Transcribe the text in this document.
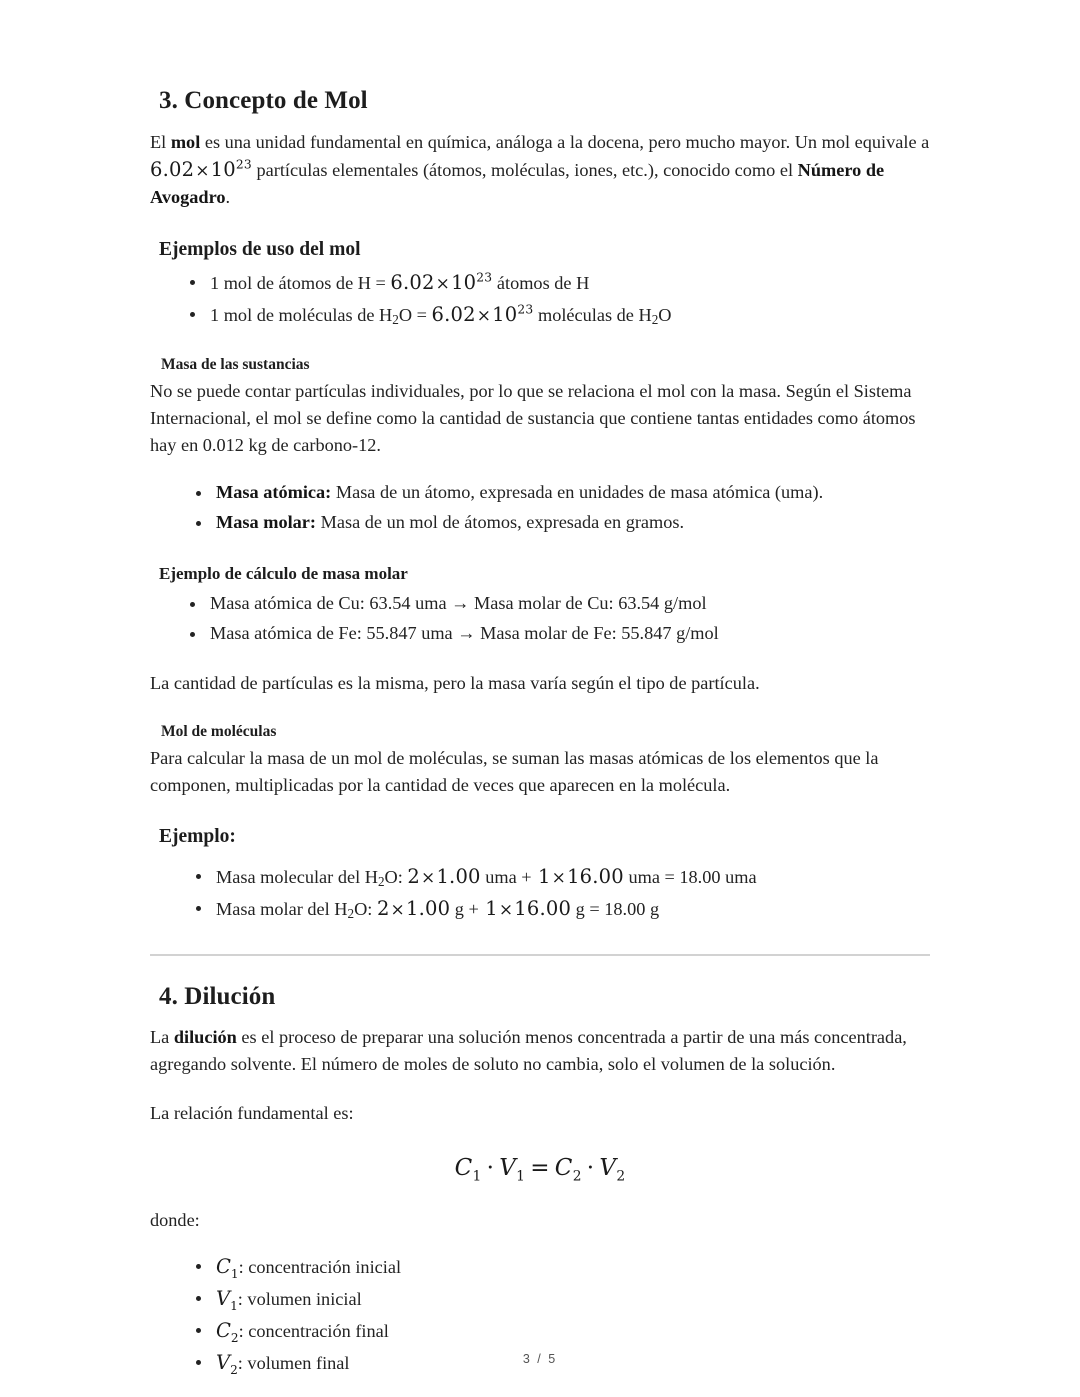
3. Concepto de Mol

El mol es una unidad fundamental en química, análoga a la docena, pero mucho mayor. Un mol equivale a $6.02\times 10^{23}$ partículas elementales (átomos, moléculas, iones, etc.), conocido como el Número de Avogadro.

Ejemplos de uso del mol
1 mol de átomos de $H = 6.02\times 10^{23}$ átomos de H
1 mol de moléculas de $H_2O = 6.02\times 10^{23}$ moléculas de $H_2O$
Masa de las sustancias

No se puede contar partículas individuales, por lo que se relaciona el mol con la masa. Según el Sistema Internacional, el mol se define como la cantidad de sustancia que contiene tantas entidades como átomos hay en 0.012 kg de carbono-12.

Masa atómica: Masa de un átomo, expresada en unidades de masa atómica (uma).
Masa molar: Masa de un mol de átomos, expresada en gramos.
Ejemplo de cálculo de masa molar
Masa atómica de Cu: 63.54 uma → Masa molar de Cu: 63.54 g/mol
Masa atómica de Fe: 55.847 uma → Masa molar de Fe: 55.847 g/mol

La cantidad de partículas es la misma, pero la masa varía según el tipo de partícula.

Mol de moléculas

Para calcular la masa de un mol de moléculas, se suman las masas atómicas de los elementos que la componen, multiplicadas por la cantidad de veces que aparecen en la molécula.

Ejemplo:
Masa molecular del $H_2O$: 2×1.00 uma + 1×16.00 uma = 18.00 uma
Masa molar del $H_2O$: 2×1.00 g + 1×16.00 g = 18.00 g
4. Dilución

La dilución es el proceso de preparar una solución menos concentrada a partir de una más concentrada, agregando solvente. El número de moles de soluto no cambia, solo el volumen de la solución.

La relación fundamental es:

$C_1 \cdot V_1 = C_2 \cdot V_2$

donde:

$C_1$: concentración inicial
$V_1$: volumen inicial
$C_2$: concentración final
$V_2$: volumen final	3 / 5
